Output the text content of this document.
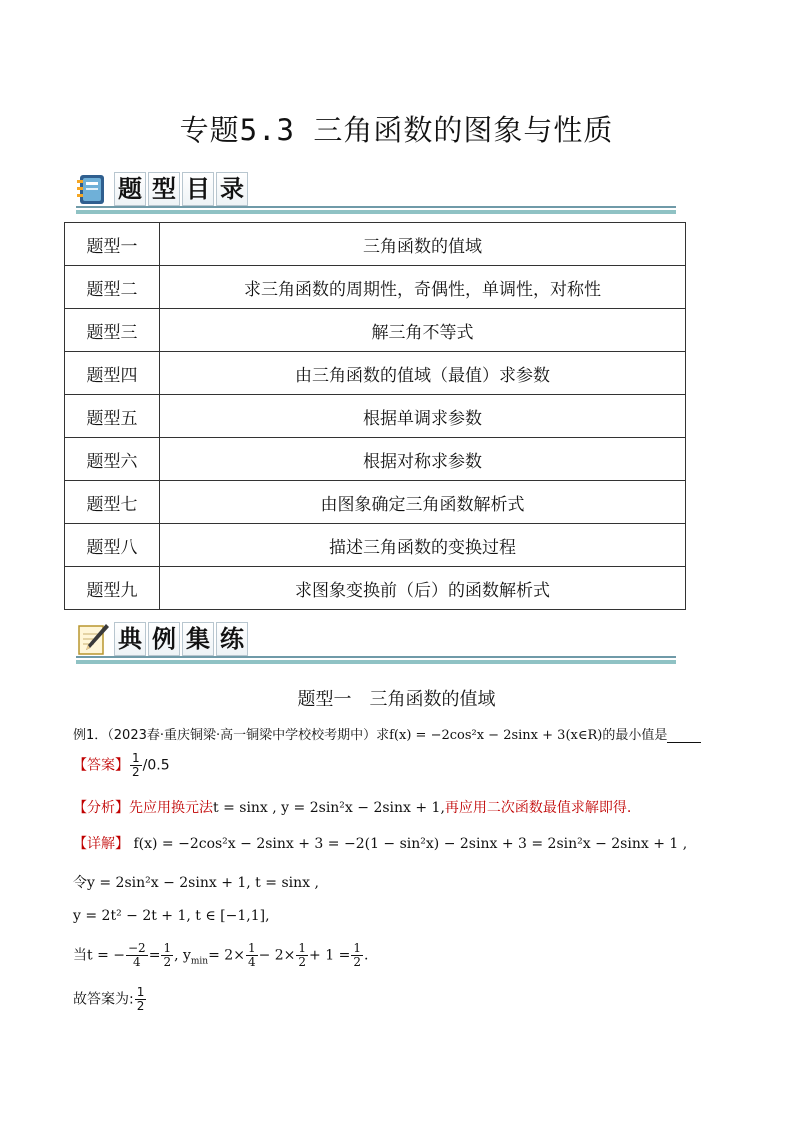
专题5.3 三角函数的图象与性质
题 型 目 录
题型一	三角函数的值域
题型二	求三角函数的周期性，奇偶性，单调性，对称性
题型三	解三角不等式
题型四	由三角函数的值域（最值）求参数
题型五	根据单调求参数
题型六	根据对称求参数
题型七	由图象确定三角函数解析式
题型八	描述三角函数的变换过程
题型九	求图象变换前（后）的函数解析式
典 例 集 练
题型一　三角函数的值域
例1．（2023春·重庆铜梁·高一铜梁中学校校考期中）求f(x) = −2cos²x − 2sinx + 3(x∈R)的最小值是
【答案】 $\frac{1}{2} /0.5$
【分析】先应用换元法t = sinx , y = 2sin²x − 2sinx + 1,再应用二次函数最值求解即得.
【详解】 f(x) = −2cos²x − 2sinx + 3 = −2(1 − sin²x) − 2sinx + 3 = 2sin²x − 2sinx + 1 ,
令y = 2sin²x − 2sinx + 1, t = sinx ,
y = 2t² − 2t + 1, t ∈ [−1,1],
当t = − $\frac{-2}{4} = \frac{1}{2}$ , $y_{min}= 2\times \frac{1}{4} - 2\times \frac{1}{2} + 1 = \frac{1}{2}$ .
故答案为: $\frac{1}{2}$
